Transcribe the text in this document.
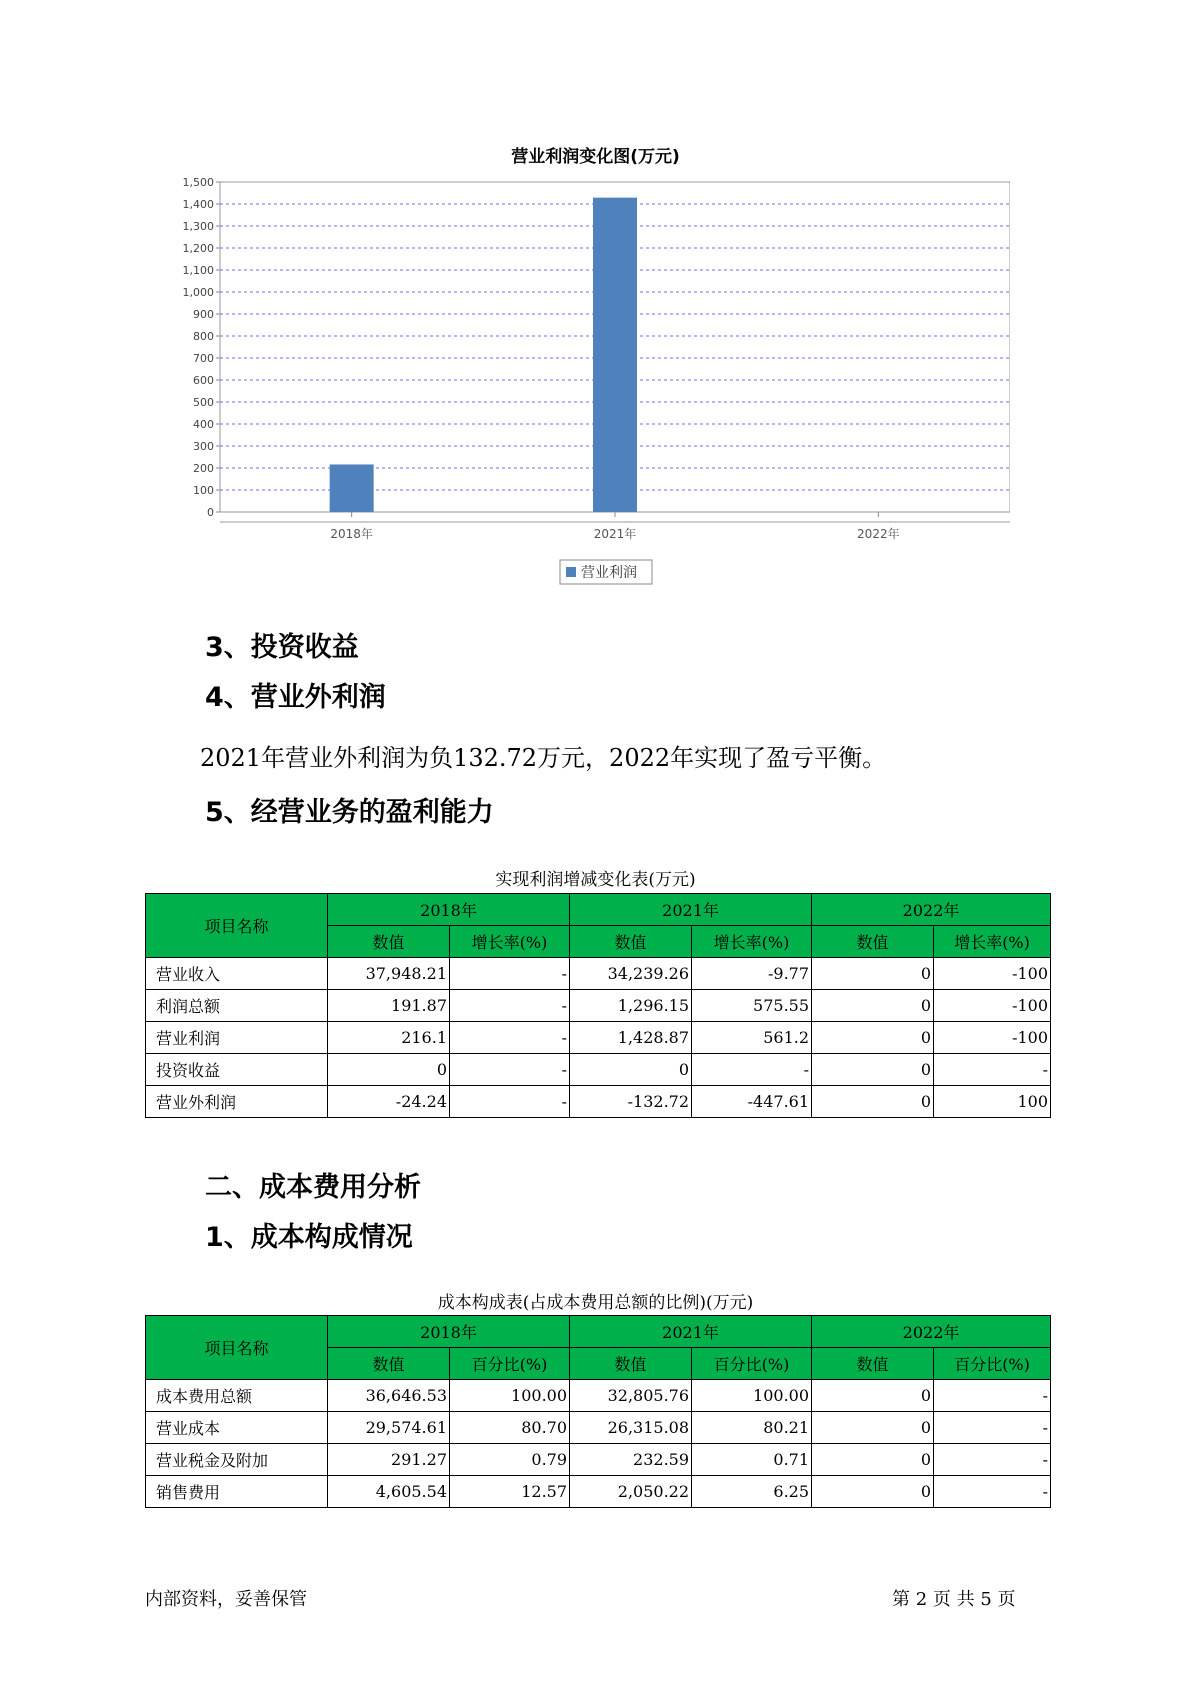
营业利润变化图(万元)
0
100
200
300
400
500
600
700
800
900
1,000
1,100
1,200
1,300
1,400
1,500
2018年	2021年	2022年
营业利润
3、投资收益
4、营业外利润
2021年营业外利润为负132.72万元，2022年实现了盈亏平衡。
5、经营业务的盈利能力
实现利润增减变化表(万元)
项目名称	2018年		2021年		2022年	
	数值	增长率(%)	数值	增长率(%)	数值	增长率(%)
营业收入	37,948.21	-	34,239.26	-9.77	0	-100
利润总额	191.87	-	1,296.15	575.55	0	-100
营业利润	216.1	-	1,428.87	561.2	0	-100
投资收益	0	-	0	-	0	-
营业外利润	-24.24	-	-132.72	-447.61	0	100
二、成本费用分析
1、成本构成情况
成本构成表(占成本费用总额的比例)(万元)
项目名称	2018年		2021年		2022年	
	数值	百分比(%)	数值	百分比(%)	数值	百分比(%)
成本费用总额	36,646.53	100.00	32,805.76	100.00	0	-
营业成本	29,574.61	80.70	26,315.08	80.21	0	-
营业税金及附加	291.27	0.79	232.59	0.71	0	-
销售费用	4,605.54	12.57	2,050.22	6.25	0	-
内部资料，妥善保管	第 2 页 共 5 页
